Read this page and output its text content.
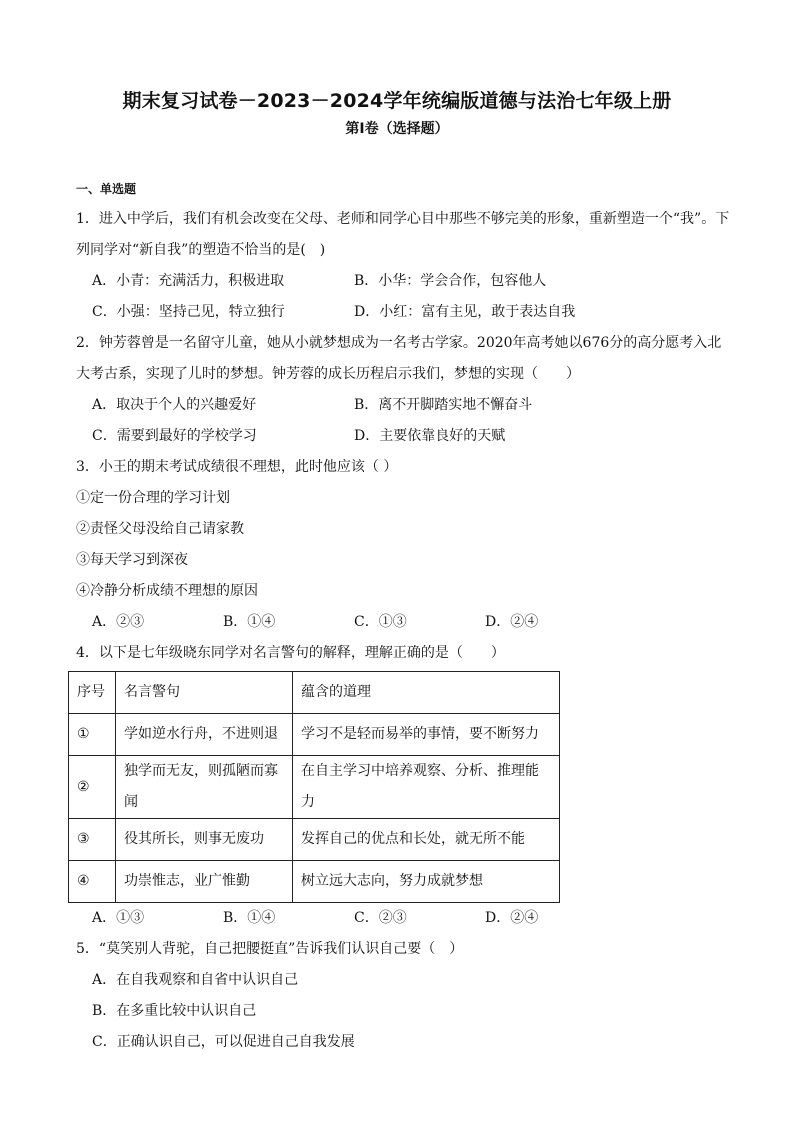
期末复习试卷－2023－2024学年统编版道德与法治七年级上册
第Ⅰ卷（选择题）
一、单选题
1．进入中学后，我们有机会改变在父母、老师和同学心目中那些不够完美的形象，重新塑造一个“我”。下
列同学对“新自我”的塑造不恰当的是(　)
A．小青：充满活力，积极进取	B．小华：学会合作，包容他人
C．小强：坚持己见，特立独行	D．小红：富有主见，敢于表达自我
2．钟芳蓉曾是一名留守儿童，她从小就梦想成为一名考古学家。2020年高考她以676分的高分愿考入北
大考古系，实现了儿时的梦想。钟芳蓉的成长历程启示我们，梦想的实现（　　）
A．取决于个人的兴趣爱好	B．离不开脚踏实地不懈奋斗
C．需要到最好的学校学习	D．主要依靠良好的天赋
3．小王的期末考试成绩很不理想，此时他应该（ ）
①定一份合理的学习计划
②责怪父母没给自己请家教
③每天学习到深夜
④冷静分析成绩不理想的原因
A．②③	B．①④	C．①③	D．②④
4．以下是七年级晓东同学对名言警句的解释，理解正确的是（　　）
序号	名言警句	蕴含的道理
①	学如逆水行舟，不进则退	学习不是轻而易举的事情，要不断努力
②	独学而无友，则孤陋而寡闻	在自主学习中培养观察、分析、推理能力
③	役其所长，则事无废功	发挥自己的优点和长处，就无所不能
④	功崇惟志，业广惟勤	树立远大志向，努力成就梦想
A．①③	B．①④	C．②③	D．②④
5．“莫笑别人背驼，自己把腰挺直”告诉我们认识自己要（　）
A．在自我观察和自省中认识自己
B．在多重比较中认识自己
C．正确认识自己，可以促进自己自我发展
